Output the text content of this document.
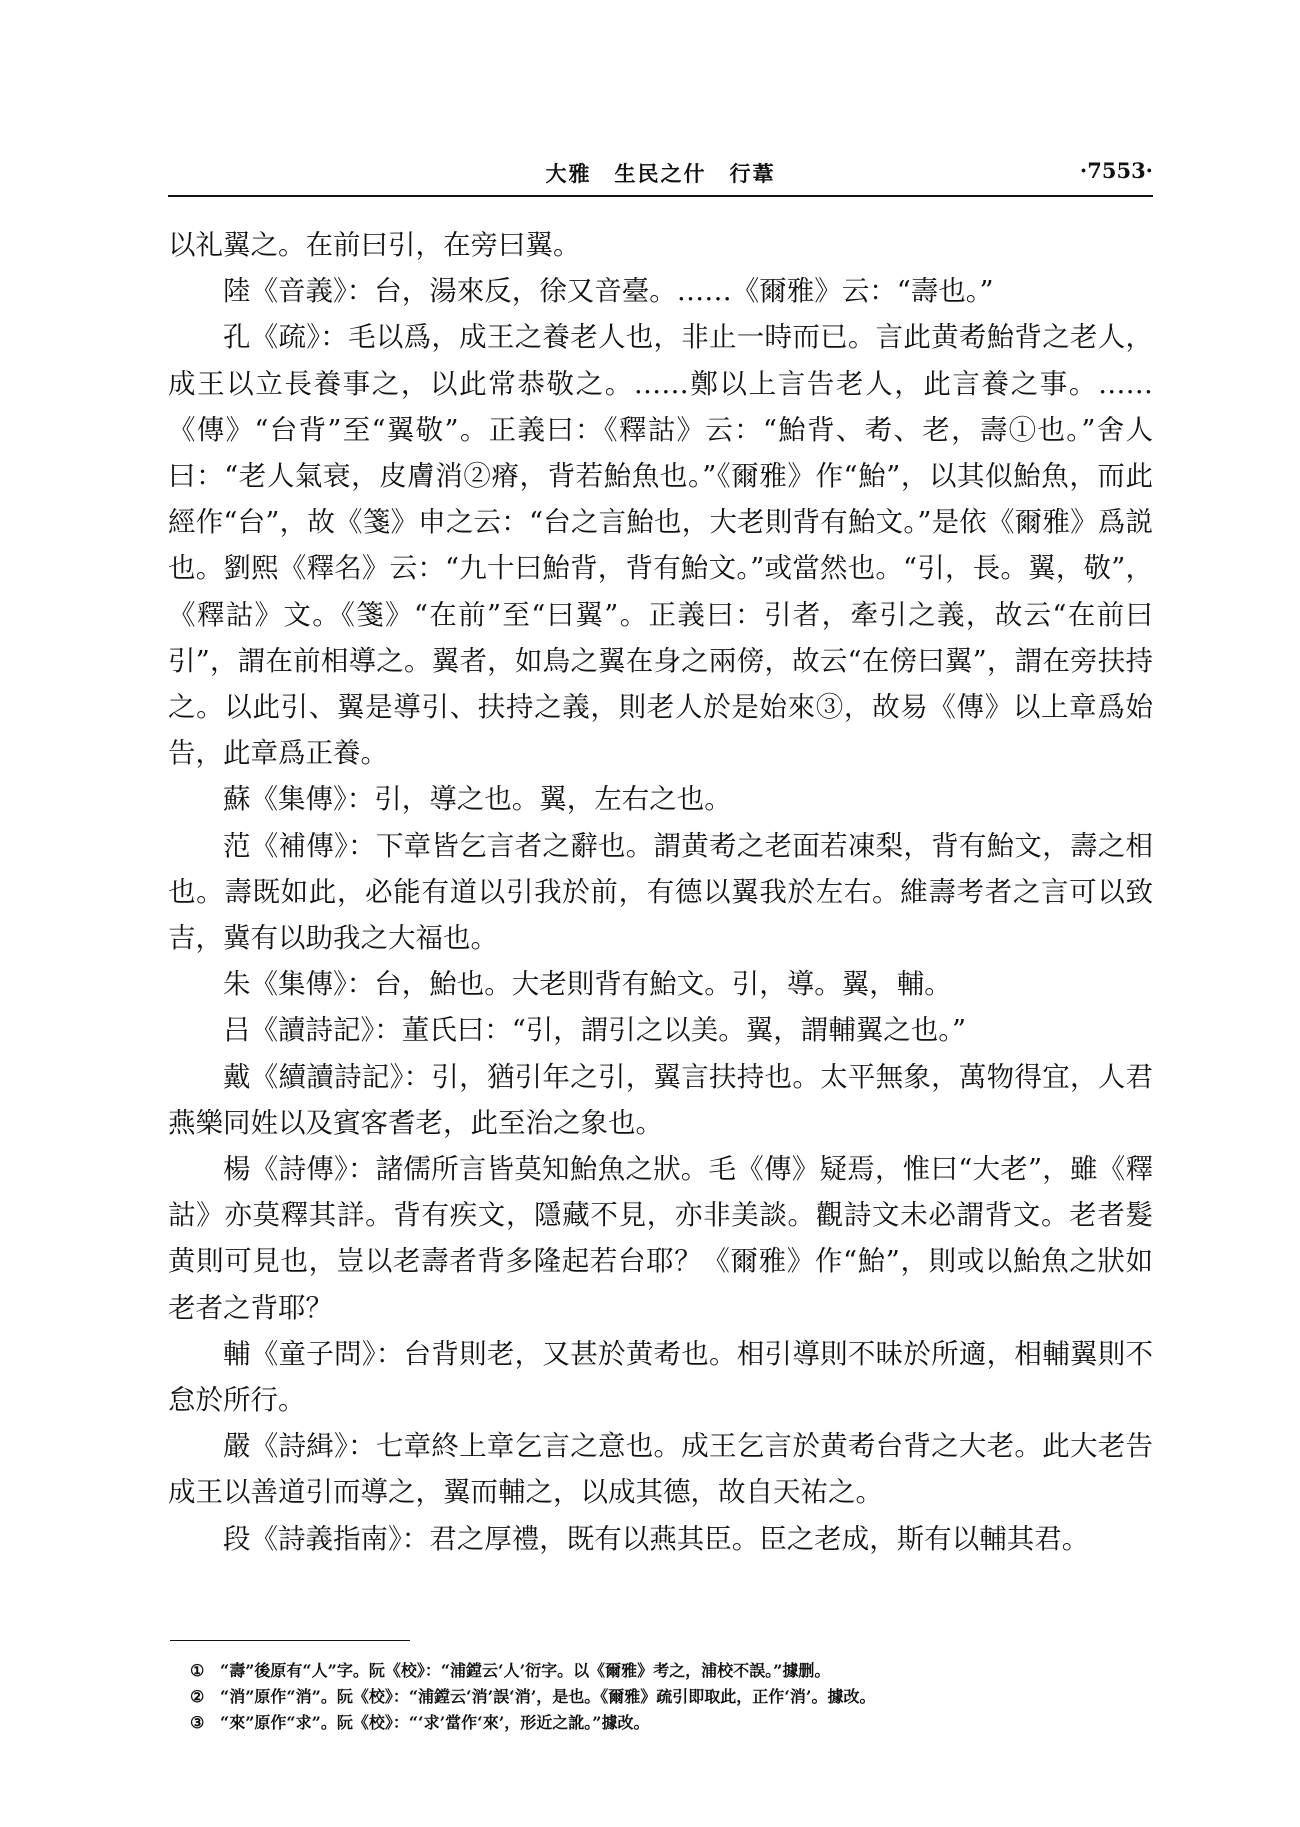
大雅　生民之什　行葦	·7553·

以礼翼之。在前曰引，在旁曰翼。

陸《音義》：台，湯來反，徐又音臺。……《爾雅》云：“壽也。”

孔《疏》：毛以爲，成王之養老人也，非止一時而已。言此黄耇鮐背之老人，成王以立長養事之，以此常恭敬之。……鄭以上言告老人，此言養之事。……《傳》“台背”至“翼敬”。正義曰：《釋詁》云：“鮐背、耇、老，壽①也。”舍人曰：“老人氣衰，皮膚消②瘠，背若鮐魚也。”《爾雅》作“鮐”，以其似鮐魚，而此經作“台”，故《箋》申之云：“台之言鮐也，大老則背有鮐文。”是依《爾雅》爲説也。劉熙《釋名》云：“九十曰鮐背，背有鮐文。”或當然也。“引，長。翼，敬”，《釋詁》文。《箋》“在前”至“曰翼”。正義曰：引者，牽引之義，故云“在前曰引”，謂在前相導之。翼者，如鳥之翼在身之兩傍，故云“在傍曰翼”，謂在旁扶持之。以此引、翼是導引、扶持之義，則老人於是始來③，故易《傳》以上章爲始告，此章爲正養。

蘇《集傳》：引，導之也。翼，左右之也。

范《補傳》：下章皆乞言者之辭也。謂黄耇之老面若凍梨，背有鮐文，壽之相也。壽既如此，必能有道以引我於前，有德以翼我於左右。維壽考者之言可以致吉，冀有以助我之大福也。

朱《集傳》：台，鮐也。大老則背有鮐文。引，導。翼，輔。

吕《讀詩記》：董氏曰：“引，謂引之以美。翼，謂輔翼之也。”

戴《續讀詩記》：引，猶引年之引，翼言扶持也。太平無象，萬物得宜，人君燕樂同姓以及賓客耆老，此至治之象也。

楊《詩傳》：諸儒所言皆莫知鮐魚之狀。毛《傳》疑焉，惟曰“大老”，雖《釋詁》亦莫釋其詳。背有疾文，隱藏不見，亦非美談。觀詩文未必謂背文。老者髮黄則可見也，豈以老壽者背多隆起若台耶？《爾雅》作“鮐”，則或以鮐魚之狀如老者之背耶？

輔《童子問》：台背則老，又甚於黄耇也。相引導則不昧於所適，相輔翼則不怠於所行。

嚴《詩緝》：七章終上章乞言之意也。成王乞言於黄耇台背之大老。此大老告成王以善道引而導之，翼而輔之，以成其德，故自天祐之。

段《詩義指南》：君之厚禮，既有以燕其臣。臣之老成，斯有以輔其君。

① “壽”後原有“人”字。阮《校》：“浦鏜云‘人’衍字。以《爾雅》考之，浦校不誤。”據删。
② “消”原作“消”。阮《校》：“浦鏜云‘消’誤‘消’，是也。《爾雅》疏引即取此，正作‘消’。據改。
③ “來”原作“求”。阮《校》：“‘求’當作‘來’，形近之訛。”據改。
